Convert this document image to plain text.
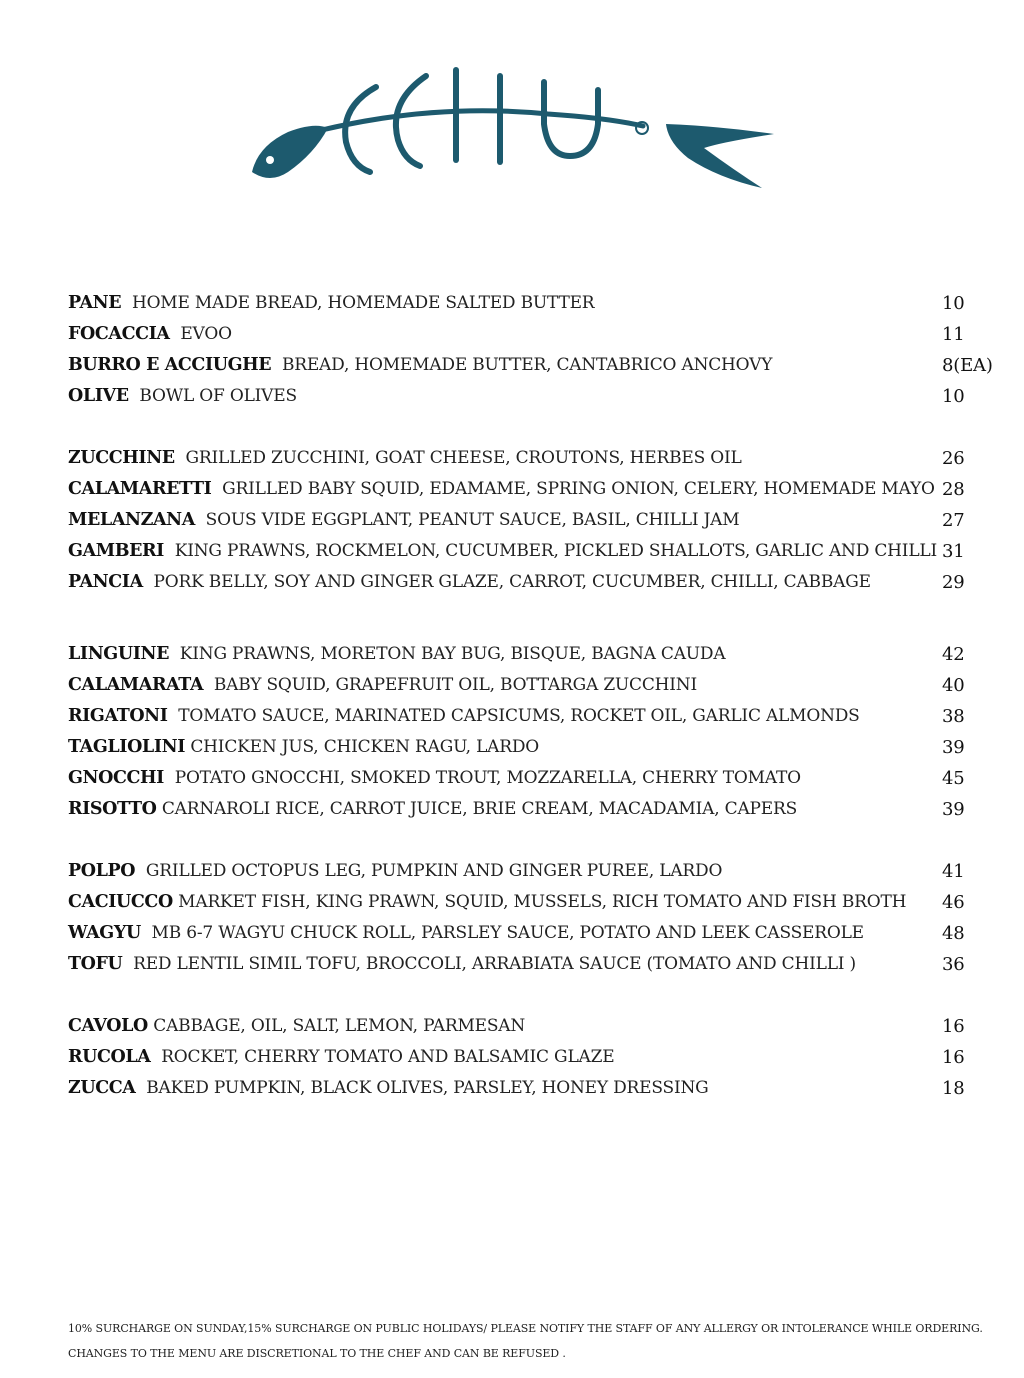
PANE HOME MADE BREAD, HOMEMADE SALTED BUTTER	10
FOCACCIA EVOO	11
BURRO E ACCIUGHE BREAD, HOMEMADE BUTTER, CANTABRICO ANCHOVY	8(EA)
OLIVE BOWL OF OLIVES	10
ZUCCHINE GRILLED ZUCCHINI, GOAT CHEESE, CROUTONS, HERBES OIL	26
CALAMARETTI GRILLED BABY SQUID, EDAMAME, SPRING ONION, CELERY, HOMEMADE MAYO 28
MELANZANA SOUS VIDE EGGPLANT, PEANUT SAUCE, BASIL, CHILLI JAM	27
GAMBERI KING PRAWNS, ROCKMELON, CUCUMBER, PICKLED SHALLOTS, GARLIC AND CHILLI 31
PANCIA PORK BELLY, SOY AND GINGER GLAZE, CARROT, CUCUMBER, CHILLI, CABBAGE	29
LINGUINE KING PRAWNS, MORETON BAY BUG, BISQUE, BAGNA CAUDA	42
CALAMARATA BABY SQUID, GRAPEFRUIT OIL, BOTTARGA ZUCCHINI	40
RIGATONI TOMATO SAUCE, MARINATED CAPSICUMS, ROCKET OIL, GARLIC ALMONDS	38
TAGLIOLINI CHICKEN JUS, CHICKEN RAGU, LARDO	39
GNOCCHI POTATO GNOCCHI, SMOKED TROUT, MOZZARELLA, CHERRY TOMATO	45
RISOTTO CARNAROLI RICE, CARROT JUICE, BRIE CREAM, MACADAMIA, CAPERS	39
POLPO GRILLED OCTOPUS LEG, PUMPKIN AND GINGER PUREE, LARDO	41
CACIUCCO MARKET FISH, KING PRAWN, SQUID, MUSSELS, RICH TOMATO AND FISH BROTH 46
WAGYU MB 6-7 WAGYU CHUCK ROLL, PARSLEY SAUCE, POTATO AND LEEK CASSEROLE	48
TOFU RED LENTIL SIMIL TOFU, BROCCOLI, ARRABIATA SAUCE (TOMATO AND CHILLI )	36
CAVOLO CABBAGE, OIL, SALT, LEMON, PARMESAN	16
RUCOLA ROCKET, CHERRY TOMATO AND BALSAMIC GLAZE	16
ZUCCA BAKED PUMPKIN, BLACK OLIVES, PARSLEY, HONEY DRESSING	18
10% SURCHARGE ON SUNDAY,15% SURCHARGE ON PUBLIC HOLIDAYS/ PLEASE NOTIFY THE STAFF OF ANY ALLERGY OR INTOLERANCE WHILE ORDERING.
CHANGES TO THE MENU ARE DISCRETIONAL TO THE CHEF AND CAN BE REFUSED .
